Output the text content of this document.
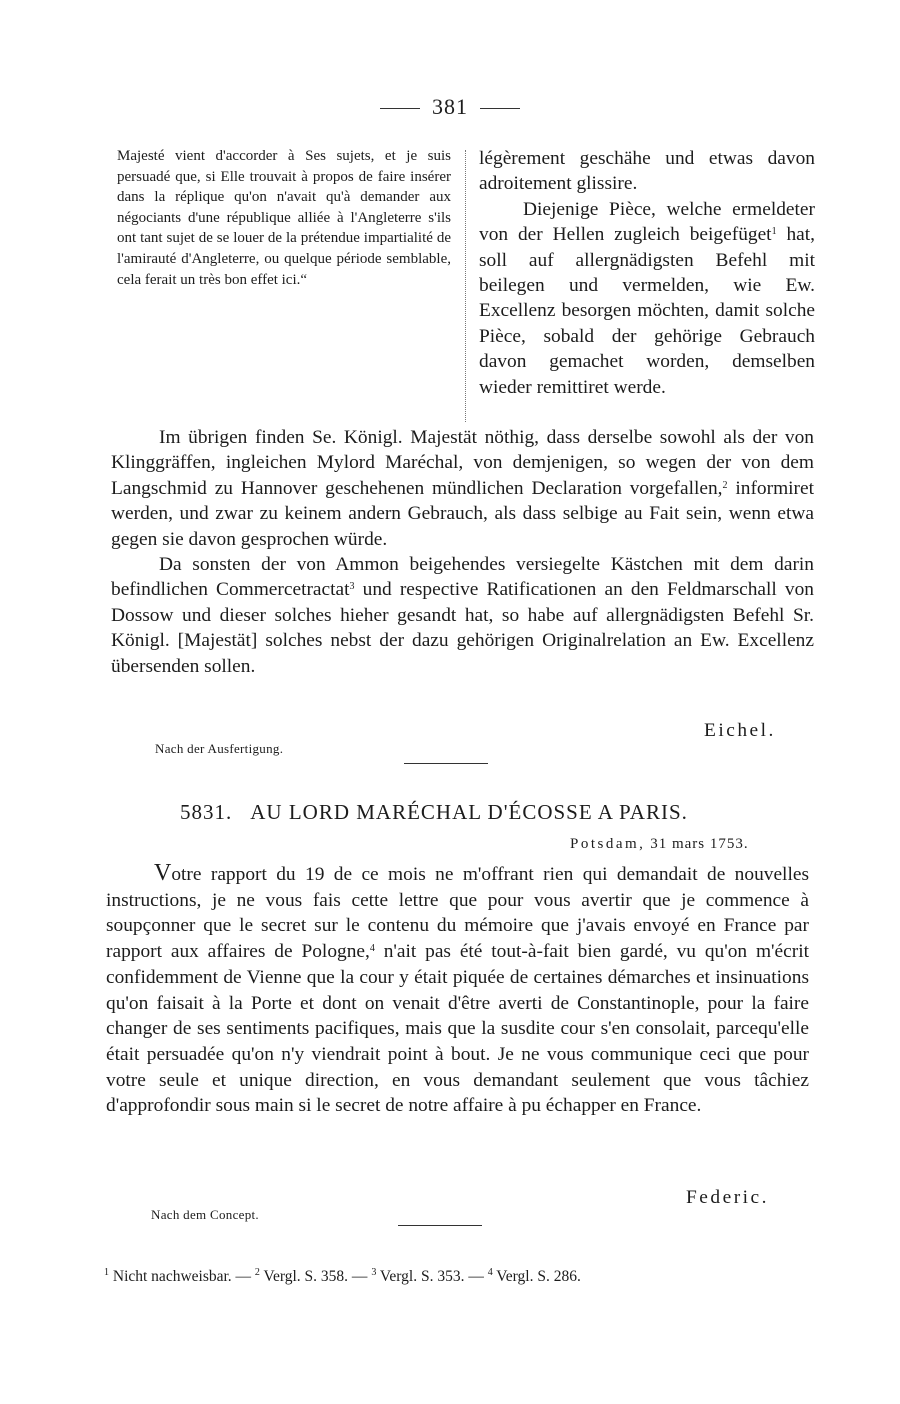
381
Majesté vient d'accorder à Ses sujets, et je suis persuadé que, si Elle trouvait à propos de faire insérer dans la réplique qu'on n'avait qu'à demander aux négociants d'une république alliée à l'Angleterre s'ils ont tant sujet de se louer de la prétendue impartialité de l'amirauté d'Angleterre, ou quelque période semblable, cela ferait un très bon effet ici.“

légèrement geschähe und etwas davon adroitement glissire.

Diejenige Pièce, welche ermeldeter von der Hellen zugleich beigefüget$^1$ hat, soll auf allergnädigsten Befehl mit beilegen und vermelden, wie Ew. Excellenz besorgen möchten, damit solche Pièce, sobald der gehörige Gebrauch davon gemachet worden, demselben wieder remittiret werde.

Im übrigen finden Se. Königl. Majestät nöthig, dass derselbe sowohl als der von Klinggräffen, ingleichen Mylord Maréchal, von demjenigen, so wegen der von dem Langschmid zu Hannover geschehenen mündlichen Declaration vorgefallen,$^2$ informiret werden, und zwar zu keinem andern Gebrauch, als dass selbige au Fait sein, wenn etwa gegen sie davon gesprochen würde.

Da sonsten der von Ammon beigehendes versiegelte Kästchen mit dem darin befindlichen Commercetractat$^3$ und respective Ratificationen an den Feldmarschall von Dossow und dieser solches hieher gesandt hat, so habe auf allergnädigsten Befehl Sr. Königl. [Majestät] solches nebst der dazu gehörigen Originalrelation an Ew. Excellenz übersenden sollen.

Eichel.
Nach der Ausfertigung.
5831. AU LORD MARÉCHAL D'ÉCOSSE A PARIS.
Potsdam, 31 mars 1753.

Votre rapport du 19 de ce mois ne m'offrant rien qui demandait de nouvelles instructions, je ne vous fais cette lettre que pour vous avertir que je commence à soupçonner que le secret sur le contenu du mémoire que j'avais envoyé en France par rapport aux affaires de Pologne,$^4$ n'ait pas été tout-à-fait bien gardé, vu qu'on m'écrit confidemment de Vienne que la cour y était piquée de certaines démarches et insinuations qu'on faisait à la Porte et dont on venait d'être averti de Constantinople, pour la faire changer de ses sentiments pacifiques, mais que la susdite cour s'en consolait, parcequ'elle était persuadée qu'on n'y viendrait point à bout. Je ne vous communique ceci que pour votre seule et unique direction, en vous demandant seulement que vous tâchiez d'approfondir sous main si le secret de notre affaire à pu échapper en France.

Federic.
Nach dem Concept.
$^1$ Nicht nachweisbar. — $^2$ Vergl. S. 358. — $^3$ Vergl. S. 353. — $^4$ Vergl. S. 286.
